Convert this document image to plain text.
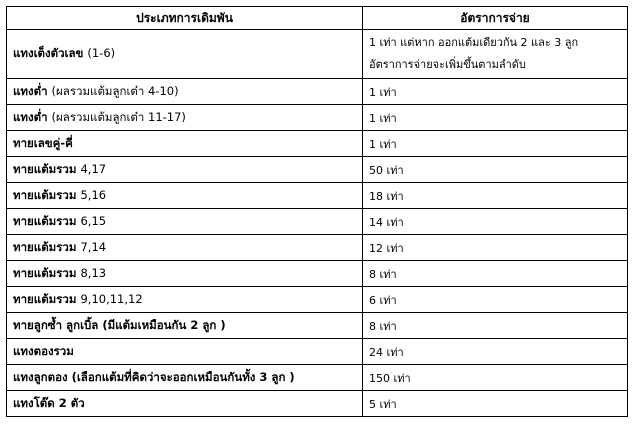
ประเภทการเดิมพัน	อัตราการจ่าย
แทงเต็งตัวเลข (1-6)	1 เท่า แต่หาก ออกแต้มเดียวกัน 2 และ 3 ลูก
อัตราการจ่ายจะเพิ่มขึ้นตามลำดับ

แทงต่ำ (ผลรวมแต้มลูกเต๋า 4-10)	1 เท่า
แทงต่ำ (ผลรวมแต้มลูกเต๋า 11-17)	1 เท่า
ทายเลขคู่-คี่	1 เท่า
ทายแต้มรวม 4,17	50 เท่า
ทายแต้มรวม 5,16	18 เท่า
ทายแต้มรวม 6,15	14 เท่า
ทายแต้มรวม 7,14	12 เท่า
ทายแต้มรวม 8,13	8 เท่า
ทายแต้มรวม 9,10,11,12	6 เท่า
ทายลูกซ้ำ ลูกเบิ้ล (มีแต้มเหมือนกัน 2 ลูก )	8 เท่า
แทงตองรวม	24 เท่า
แทงลูกตอง (เลือกแต้มที่คิดว่าจะออกเหมือนกันทั้ง 3 ลูก )	150 เท่า
แทงโต๊ด 2 ตัว	5 เท่า
